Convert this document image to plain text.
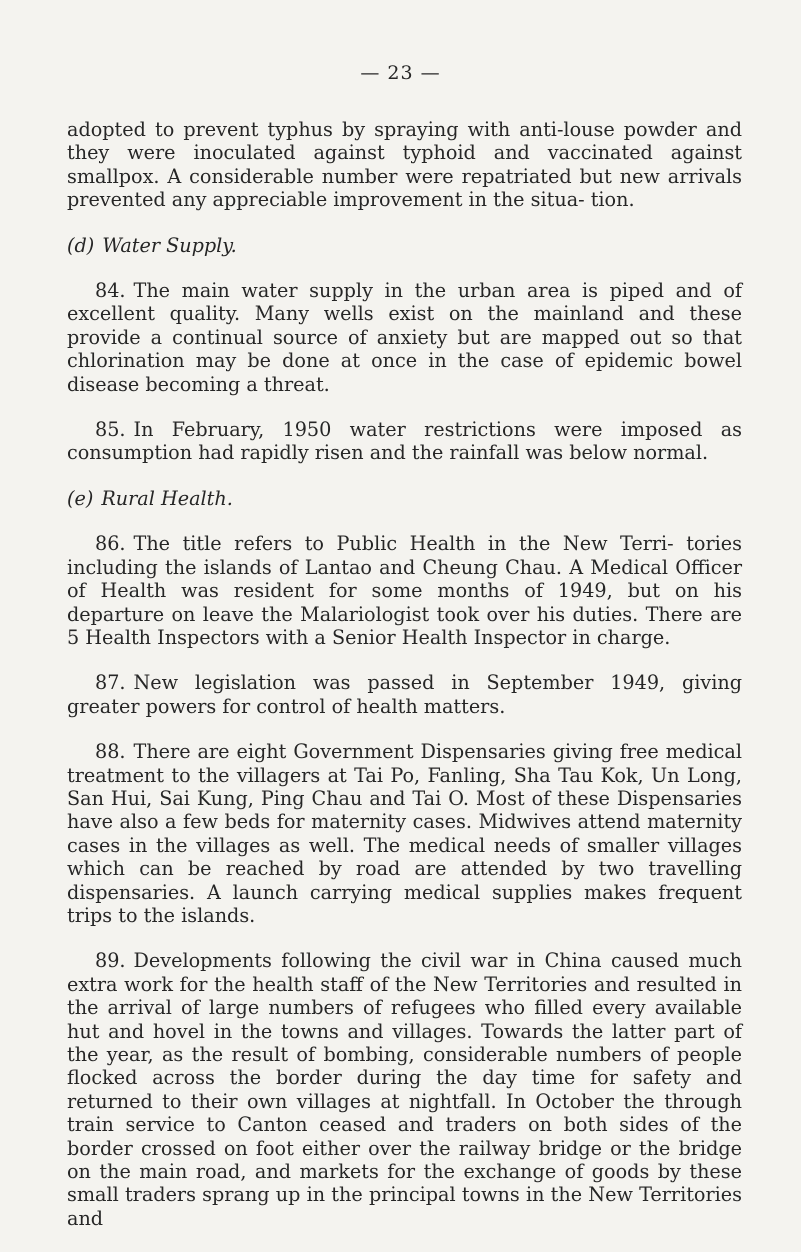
— 23 —

adopted to prevent typhus by spraying with anti-louse powder and they were inoculated against typhoid and vaccinated against smallpox. A considerable number were repatriated but new arrivals prevented any appreciable improvement in the situa- tion.

(d) Water Supply.

84. The main water supply in the urban area is piped and of excellent quality. Many wells exist on the mainland and these provide a continual source of anxiety but are mapped out so that chlorination may be done at once in the case of epidemic bowel disease becoming a threat.

85. In February, 1950 water restrictions were imposed as consumption had rapidly risen and the rainfall was below normal.

(e) Rural Health.

86. The title refers to Public Health in the New Terri- tories including the islands of Lantao and Cheung Chau. A Medical Officer of Health was resident for some months of 1949, but on his departure on leave the Malariologist took over his duties. There are 5 Health Inspectors with a Senior Health Inspector in charge.

87. New legislation was passed in September 1949, giving greater powers for control of health matters.

88. There are eight Government Dispensaries giving free medical treatment to the villagers at Tai Po, Fanling, Sha Tau Kok, Un Long, San Hui, Sai Kung, Ping Chau and Tai O. Most of these Dispensaries have also a few beds for maternity cases. Midwives attend maternity cases in the villages as well. The medical needs of smaller villages which can be reached by road are attended by two travelling dispensaries. A launch carrying medical supplies makes frequent trips to the islands.

89. Developments following the civil war in China caused much extra work for the health staff of the New Territories and resulted in the arrival of large numbers of refugees who filled every available hut and hovel in the towns and villages. Towards the latter part of the year, as the result of bombing, considerable numbers of people flocked across the border during the day time for safety and returned to their own villages at nightfall. In October the through train service to Canton ceased and traders on both sides of the border crossed on foot either over the railway bridge or the bridge on the main road, and markets for the exchange of goods by these small traders sprang up in the principal towns in the New Territories and
